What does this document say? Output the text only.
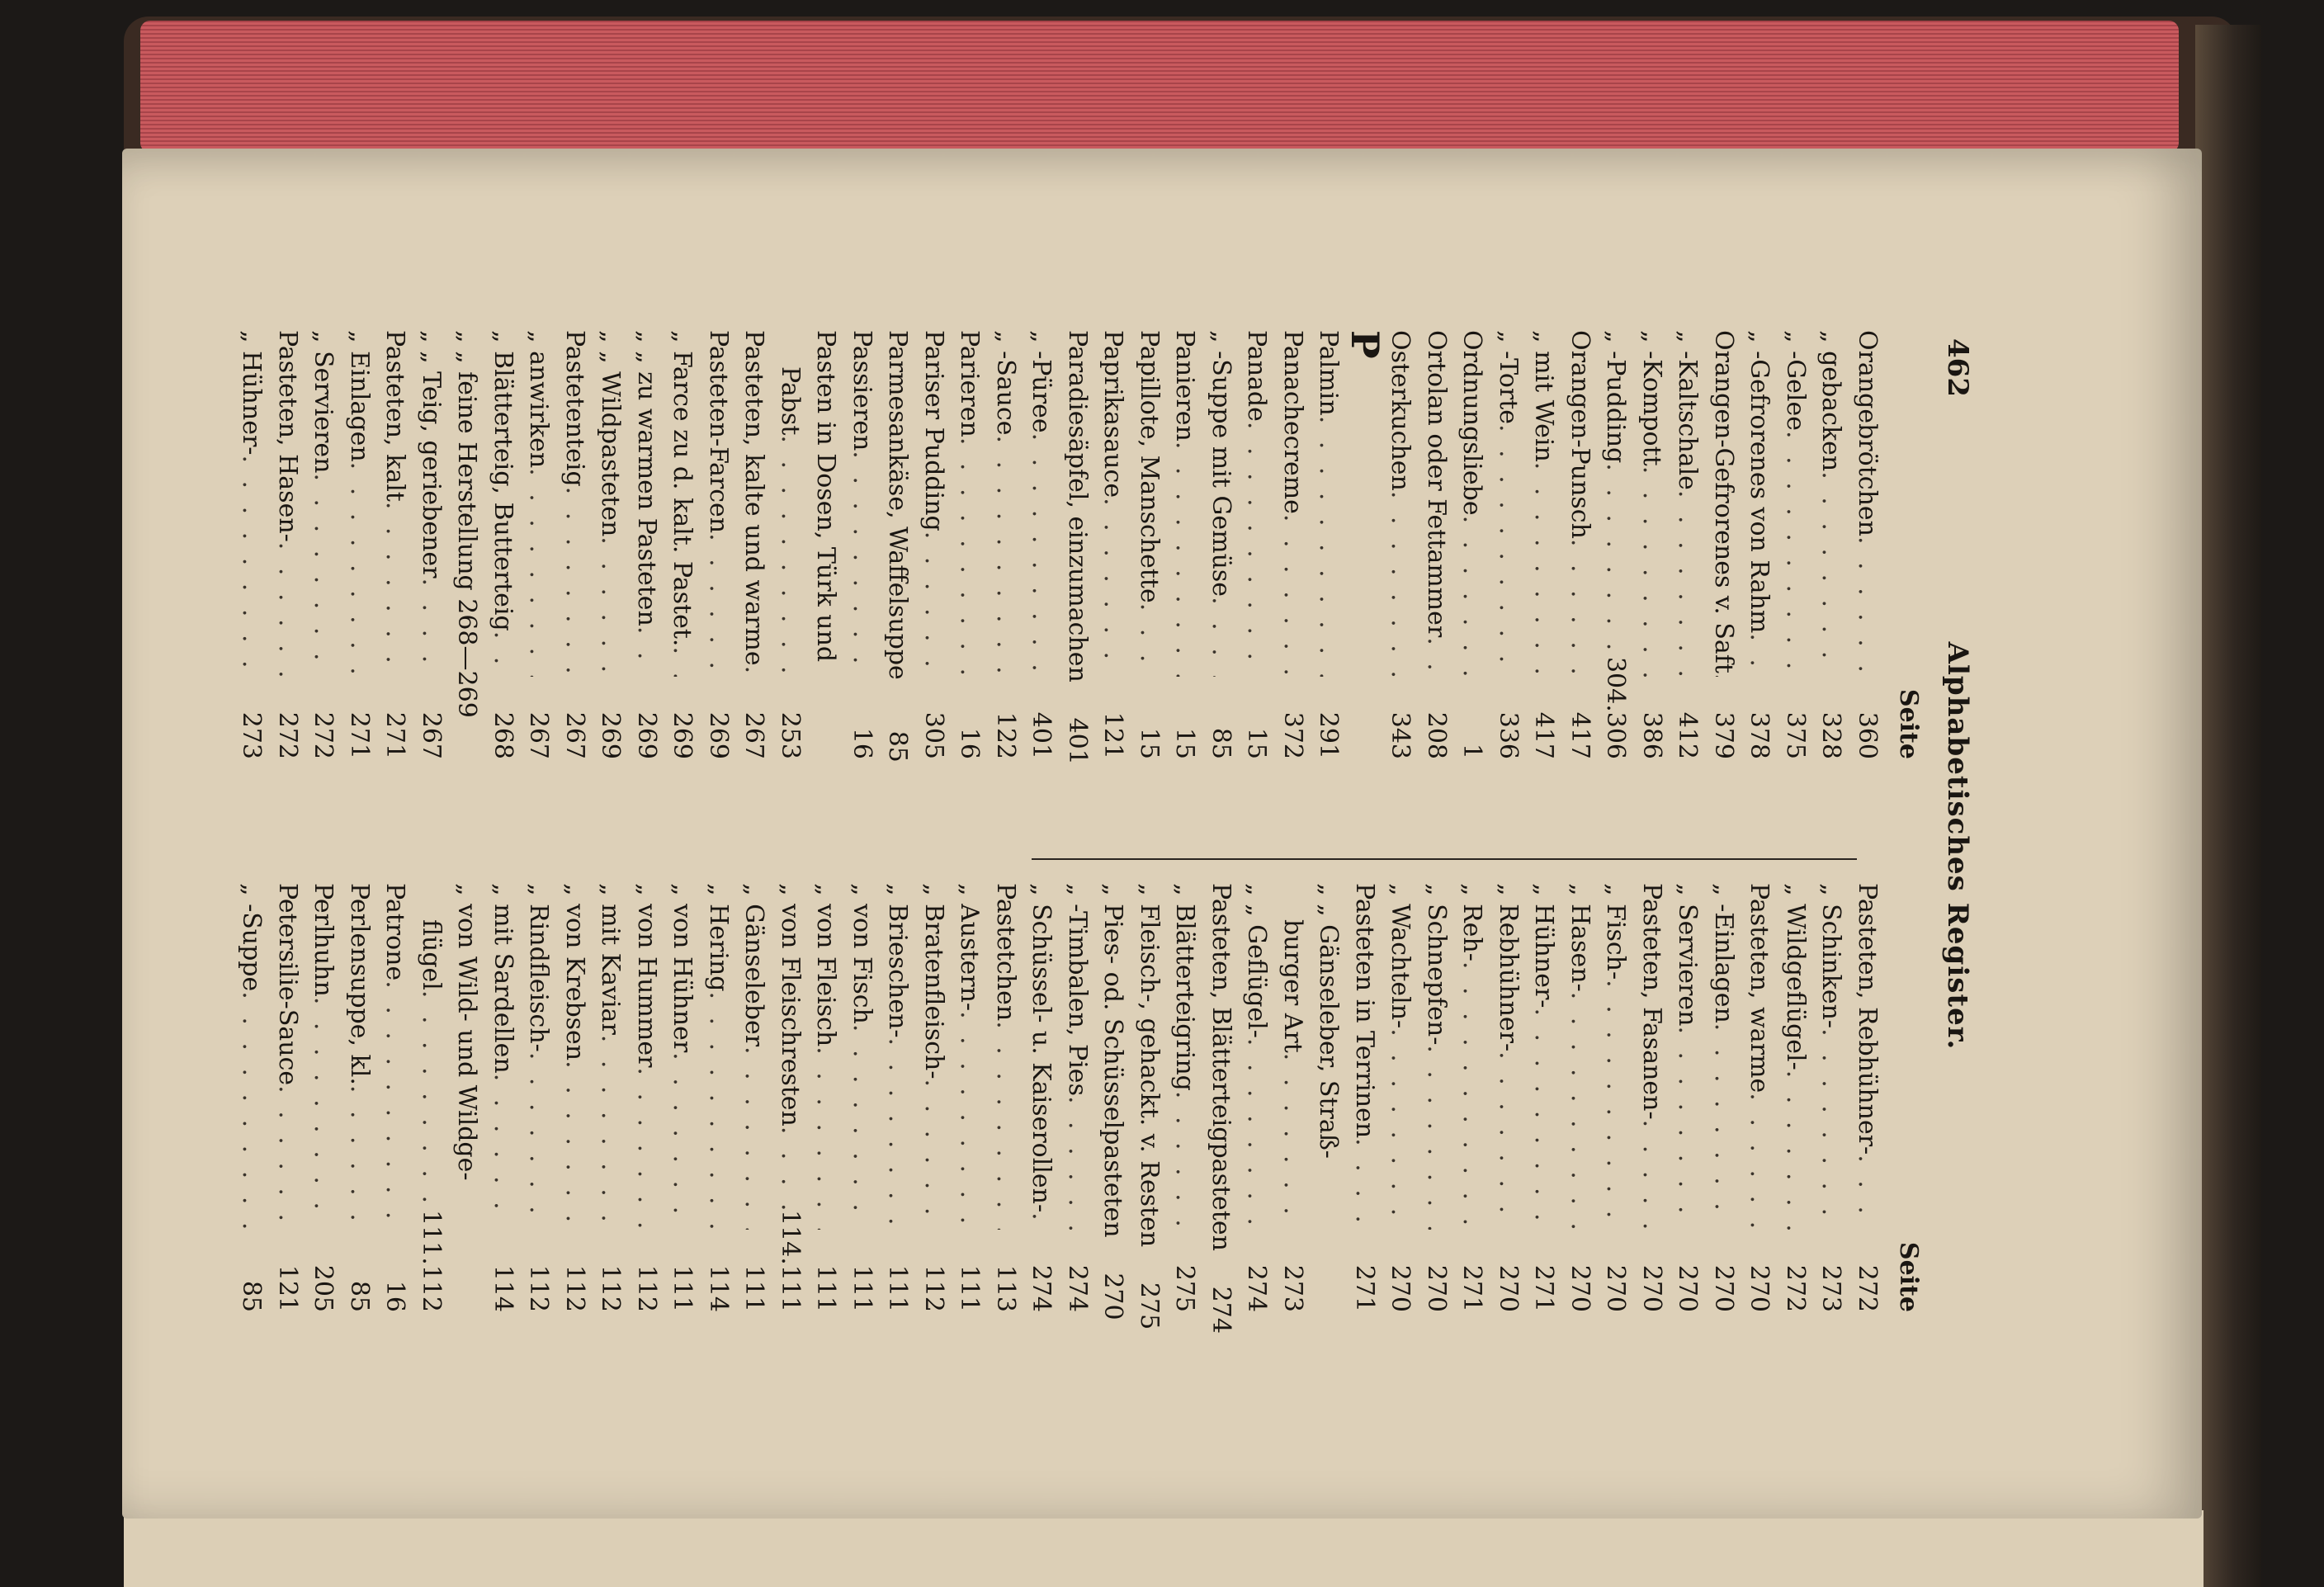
462
Alphabetisches Register.
Seite
Orangebrötchen
. . .
360
„ gebacken
. . .
328
„ -Gelee
. . .
375
„ -Gefrorenes von Rahm
. . .
378
Orangen-Gefrorenes v. Saft
. . .
379
„ -Kaltschale
. . .
412
„ -Kompott
. . .
386
„ -Pudding
. . .
304.306
Orangen-Punsch
. . .
417
„ mit Wein
. . .
417
„ -Torte
. . .
336
Ordnungsliebe
. . .
1
Ortolan oder Fettammer
. . .
208
Osterkuchen
. . .
343
P
Palmin
. . .
291
Panachecreme
. . .
372
Panade
. . .
15
„ -Suppe mit Gemüse
. . .
85
Panieren
. . .
15
Papillote, Manschette
. . .
15
Paprikasauce
. . .
121
Paradiesäpfel, einzumachen
401
„ -Püree
. . .
401
„ -Sauce
. . .
122
Parieren
. . .
16
Pariser Pudding
. . .
305
Parmesankäse, Waffelsuppe
85
Passieren
. . .
16
Pasten in Dosen, Türk und
Pabst
. . .
253
Pasteten, kalte und warme
. . .
267
Pasteten-Farcen
. . .
269
„ Farce zu d. kalt. Pastet.
. . .
269
„ „ zu warmen Pasteten
. . .
269
„ „ Wildpasteten
. . .
269
Pastetenteig
. . .
267
„ anwirken
. . .
267
„ Blätterteig, Butterteig
. . .
268
„ „ feine Herstellung 268—269
„ „ Teig, geriebener
. . .
267
Pasteten, kalt
. . .
271
„ Einlagen
. . .
271
„ Servieren
. . .
272
Pasteten, Hasen-
. . .
272
„ Hühner-
. . .
273
Seite
Pasteten, Rebhühner-
. . .
272
„ Schinken-
. . .
273
„ Wildgeflügel-
. . .
272
Pasteten, warme
. . .
270
„ -Einlagen
. . .
270
„ Servieren
. . .
270
Pasteten, Fasanen-
. . .
270
„ Fisch-
. . .
270
„ Hasen-
. . .
270
„ Hühner-
. . .
271
„ Rebhühner-
. . .
270
„ Reh-
. . .
271
„ Schnepfen-
. . .
270
„ Wachteln-
. . .
270
Pasteten in Terrinen
. . .
271
„ „ Gänseleber, Straß-
burger Art
. . .
273
„ „ Geflügel-
. . .
274
Pasteten, Blätterteigpasteten
274
„ Blätterteigring
. . .
275
„ Fleisch-, gehackt. v. Resten
275
„ Pies- od. Schüsselpasteten
270
„ -Timbalen, Pies
. . .
274
„ Schüssel- u. Kaiserollen-
. . .
274
Pastetchen
. . .
113
„ Austern-
. . .
111
„ Bratenfleisch-
. . .
112
„ Brieschen-
. . .
111
„ von Fisch
. . .
111
„ von Fleisch
. . .
111
„ von Fleischresten
. . .
114.111
„ Gänseleber
. . .
111
„ Hering
. . .
114
„ von Hühner
. . .
111
„ von Hummer
. . .
112
„ mit Kaviar
. . .
112
„ von Krebsen
. . .
112
„ Rindfleisch-
. . .
112
„ mit Sardellen
. . .
114
„ von Wild- und Wildge-
flügel
. . .
111.112
Patrone
. . .
16
Perlensuppe, kl.
. . .
85
Perlhuhn
. . .
205
Petersilie-Sauce
. . .
121
„ -Suppe
. . .
85
